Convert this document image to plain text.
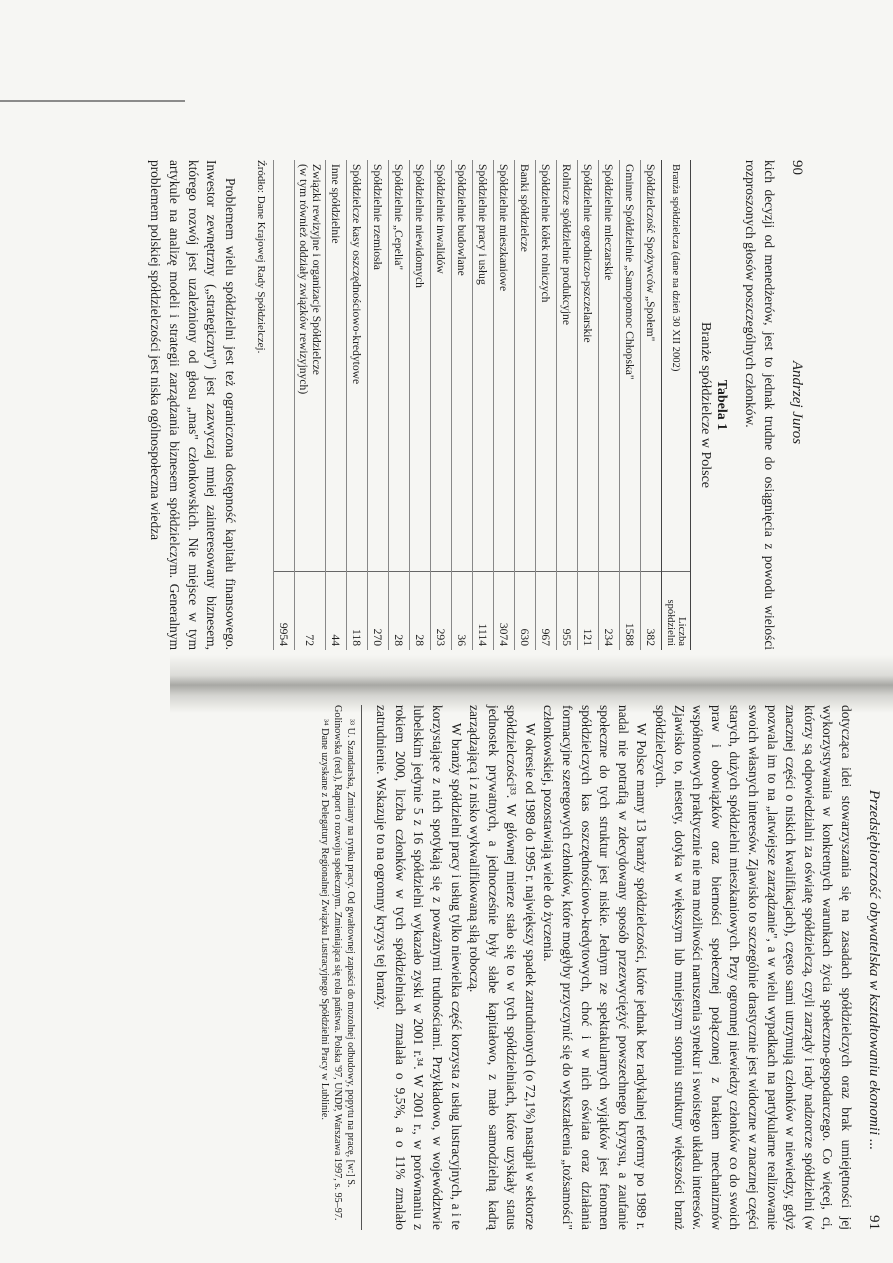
90
Andrzej Juros

kich decyzji od menedżerów, jest to jednak trudne do osiągnięcia z powodu wielości rozproszonych głosów poszczególnych członków.

Tabela 1
Branże spółdzielcze w Polsce
Branża spółdzielcza (dane na dzień 30 XII 2002)	Liczba spółdzielni
Spółdzielczość Spożywców „Społem"	382
Gminne Spółdzielnie „Samopomoc Chłopska"	1588
Spółdzielnie mleczarskie	234
Spółdzielnie ogrodniczo-pszczelarskie	121
Rolnicze spółdzielnie produkcyjne	955
Spółdzielnie kółek rolniczych	967
Banki spółdzielcze	630
Spółdzielnie mieszkaniowe	3074
Spółdzielnie pracy i usług	1114
Spółdzielnie budowlane	36
Spółdzielnie inwalidów	293
Spółdzielnie niewidomych	28
Spółdzielnie „Cepelia"	28
Spółdzielnie rzemiosła	270
Spółdzielcze kasy oszczędnościowo-kredytowe	118
Inne spółdzielnie	44

Związki rewizyjne i organizacje Spółdzielcze
(w tym również oddziały związków rewizyjnych)	72
	9954
Źródło: Dane Krajowej Rady Spółdzielczej.

Problemem wielu spółdzielni jest też ograniczona dostępność kapitału finansowego. Inwestor zewnętrzny („strategiczny") jest zazwyczaj mniej zainteresowany biznesem, którego rozwój jest uzależniony od głosu „mas" członkowskich. Nie miejsce w tym artykule na analizę modeli i strategii zarządzania biznesem spółdzielczym. Generalnym problemem polskiej spółdzielczości jest niska ogólnospołeczna wiedza

Przedsiębiorczość obywatelska w kształtowaniu ekonomii ...
91

dotycząca idei stowarzyszania się na zasadach spółdzielczych oraz brak umiejętności jej wykorzystywania w konkretnych warunkach życia społeczno-gospodarczego. Co więcej, ci, którzy są odpowiedzialni za oświatę spółdzielczą, czyli zarządy i rady nadzorcze spółdzielni (w znacznej części o niskich kwalifikacjach), często sami utrzymują członków w niewiedzy, gdyż pozwala im to na „latwiejsze zarządzanie", a w wielu wypadkach na partykularne realizowanie swoich własnych interesów. Zjawisko to szczególnie drastycznie jest widoczne w znacznej części starych, dużych spółdzielni mieszkaniowych. Przy ogromnej niewiedzy członków co do swoich praw i obowiązków oraz bierności społecznej połączonej z brakiem mechanizmów współnotowych praktycznie nie ma możliwości naruszenia synekur i swoistego układu interesów. Zjawisko to, niestety, dotyka w większym lub mniejszym stopniu struktury większości branż spółdzielczych.

W Polsce mamy 13 branży spółdzielczości, które jednak bez radykalnej reformy po 1989 r. nadal nie potrafią w zdecydowany sposób przezwyciężyć powszechnego kryzysu, a zaufanie społeczne do tych struktur jest niskie. Jednym ze spektakularnych wyjątków jest fenomen spółdzielczych kas oszczędnościowo-kredytowych, choć i w nich oświata oraz działania formacyjne szeregowych członków, które mogłyby przyczynić się do wykształcenia „tożsamości" członkowskiej, pozostawiają wiele do życzenia.

W okresie od 1989 do 1995 r. największy spadek zatrudnionych (o 72,1%) nastąpił w sektorze spółdzielczości³³. W głównej mierze stało się to w tych spółdzielniach, które uzyskały status jednostek prywatnych, a jednocześnie były słabe kapitałowo, z mało samodzielną kadrą zarządzającą i z nisko wykwalifikowaną siłą roboczą.

W branży spółdzielni pracy i usług tylko niewielka część korzysta z usług lustracyjnych, a i te korzystające z nich spotykają się z poważnymi trudnościami. Przykładowo, w województwie lubelskim jedynie 5 z 16 spółdzielni wykazało zyski w 2001 r.³⁴. W 2001 r., w porównaniu z rokiem 2000, liczba członków w tych spółdzielniach zmalała o 9,5%, a o 11% zmalało zatrudnienie. Wskazuje to na ogromny kryzys tej branży.

³³ U. Szandarska, Zmiany na rynku pracy. Od gwałtownej zapaści do mozolnej odbudowy, popytu na pracę, [w:] S. Golinowska (red.), Raport o rozwoju społecznym. Zmieniająca się rola państwa. Polska '97, UNDP, Warszawa 1997, s. 95–97.
³⁴ Dane uzyskane z Delegatury Regionalnej Związku Lustracyjnego Spółdzielni Pracy w Lublinie.
